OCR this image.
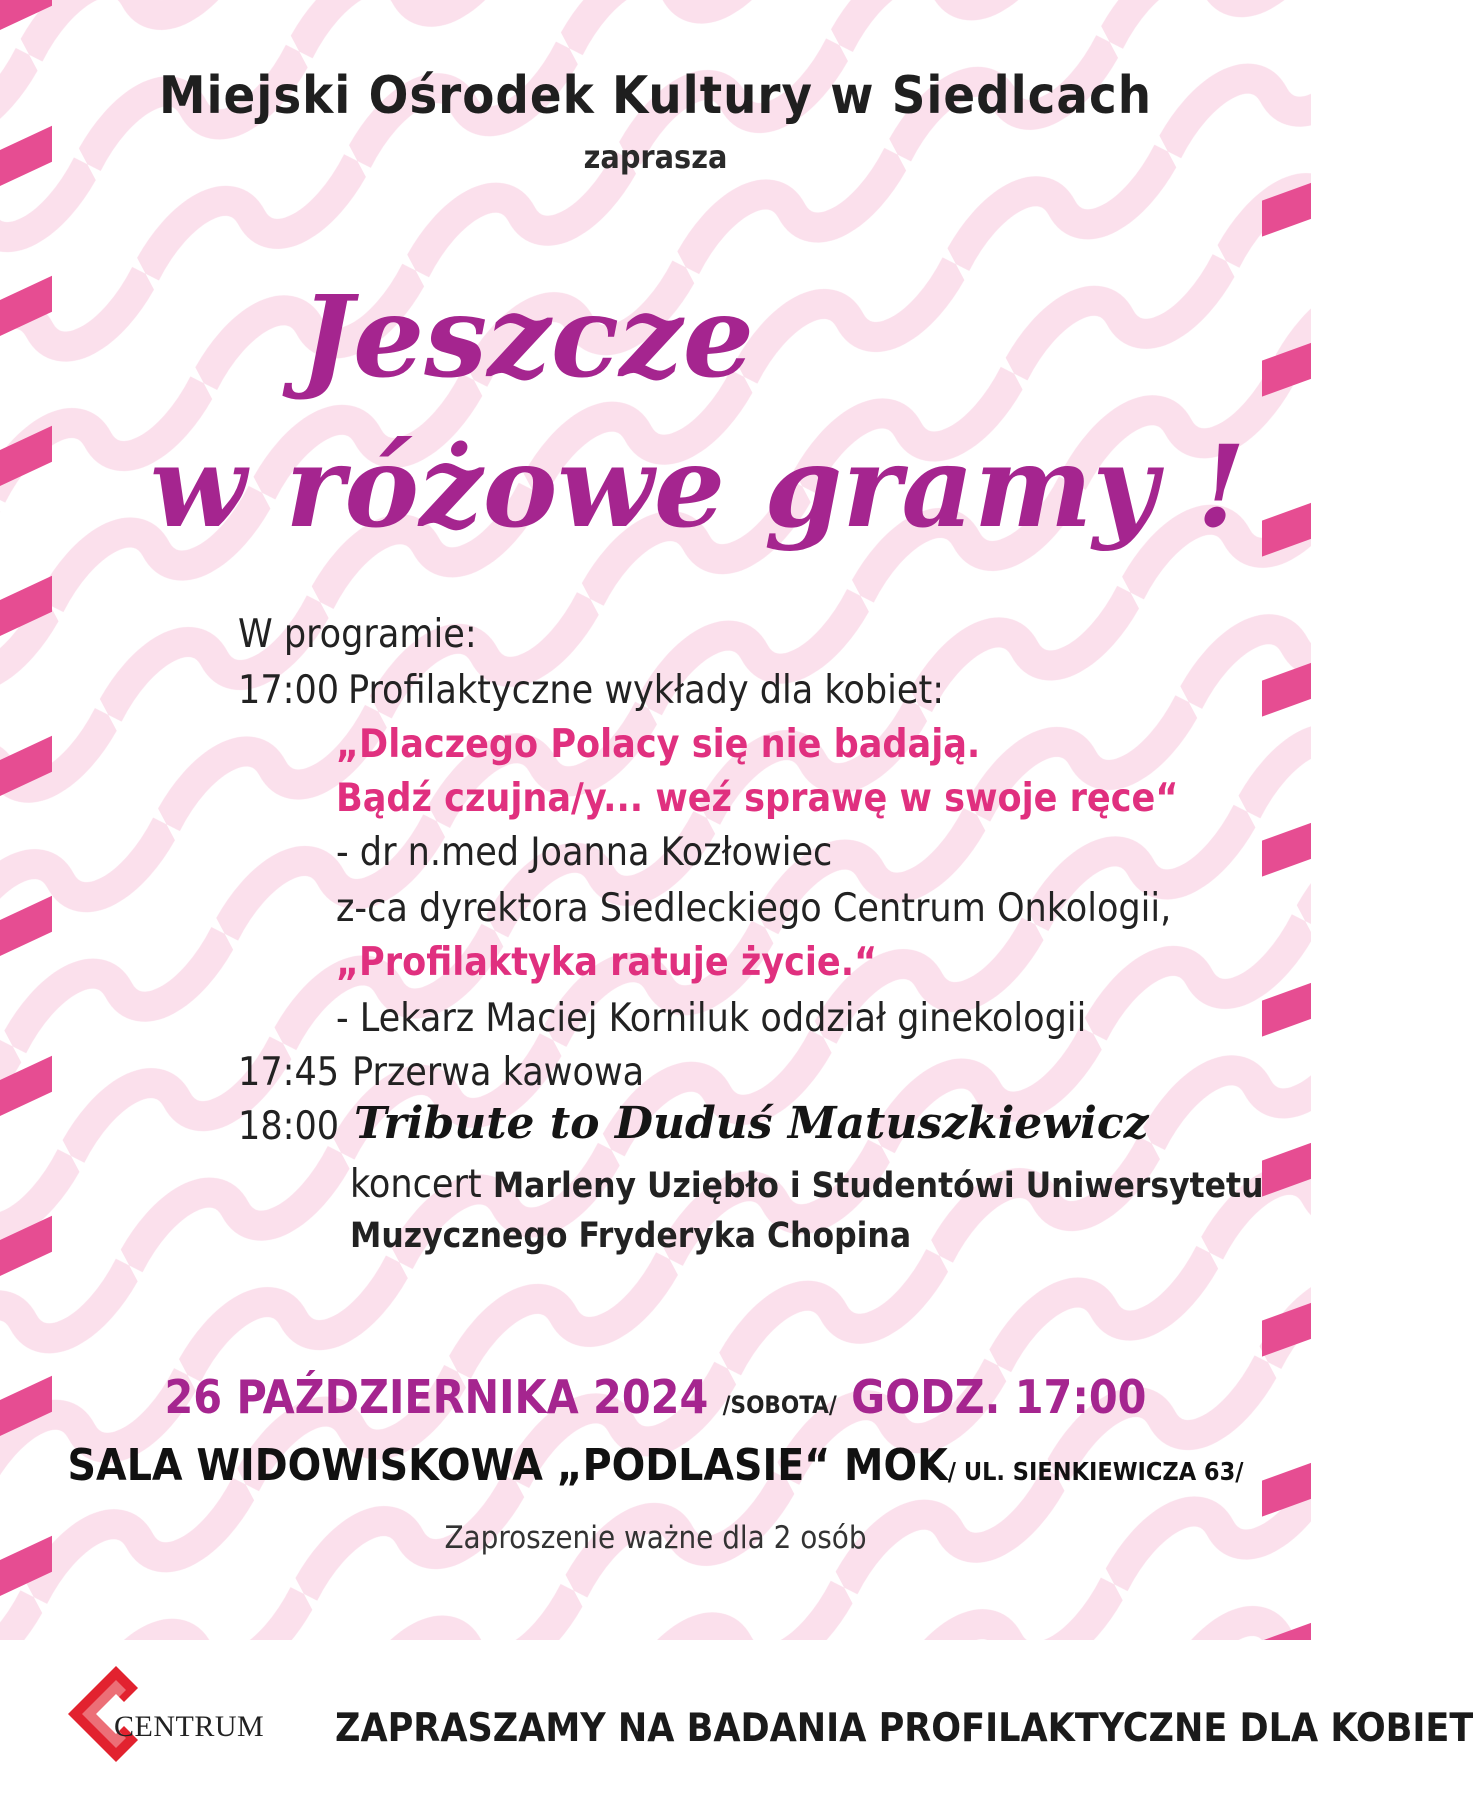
Miejski Ośrodek Kultury w Siedlcach
zaprasza
Jeszcze
w różowe gramy !
W programie:
17:00 Profilaktyczne wykłady dla kobiet:
„Dlaczego Polacy się nie badają.
Bądź czujna/y... weź sprawę w swoje ręce“
- dr n.med Joanna Kozłowiec
z-ca dyrektora Siedleckiego Centrum Onkologii,
„Profilaktyka ratuje życie.“
- Lekarz Maciej Korniluk oddział ginekologii
17:45 Przerwa kawowa
18:00 Tribute to Duduś Matuszkiewicz
koncert Marleny Uziębło i Studentówi Uniwersytetu
Muzycznego Fryderyka Chopina
26 PAŹDZIERNIKA 2024 /SOBOTA/ GODZ. 17:00
SALA WIDOWISKOWA „PODLASIE“ MOK/ UL. SIENKIEWICZA 63/
Zaproszenie ważne dla 2 osób
CENTRUM ZAPRASZAMY NA BADANIA PROFILAKTYCZNE DLA KOBIET
